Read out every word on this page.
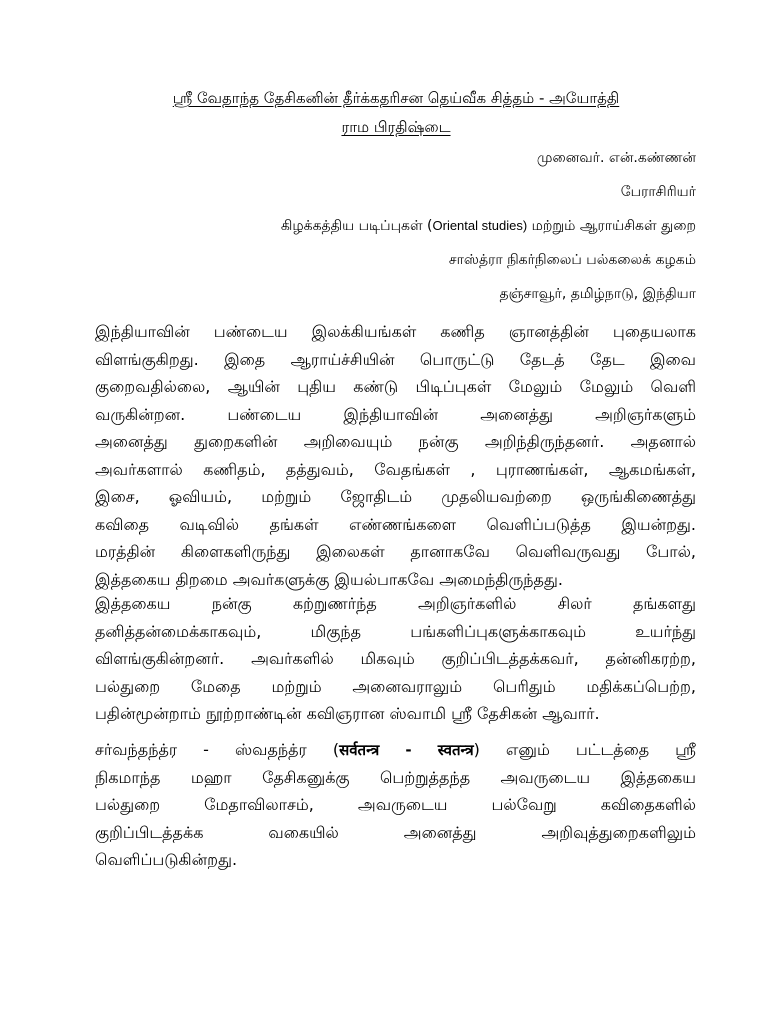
ஸ்ரீ வேதாந்த தேசிகனின் தீர்க்கதரிசன தெய்வீக சித்தம் - அயோத்தி
ராம பிரதிஷ்டை
முனைவர். என்.கண்ணன்
பேராசிரியர்
கிழக்கத்திய படிப்புகள் (Oriental studies) மற்றும் ஆராய்சிகள் துறை
சாஸ்த்ரா நிகர்நிலைப் பல்கலைக் கழகம்
தஞ்சாவூர், தமிழ்நாடு, இந்தியா
இந்தியாவின் பண்டைய இலக்கியங்கள் கணித ஞானத்தின் புதையலாக
விளங்குகிறது. இதை ஆராய்ச்சியின் பொருட்டு தேடத் தேட இவை
குறைவதில்லை, ஆயின் புதிய கண்டு பிடிப்புகள் மேலும் மேலும் வெளி
வருகின்றன. பண்டைய இந்தியாவின் அனைத்து அறிஞர்களும்
அனைத்து துறைகளின் அறிவையும் நன்கு அறிந்திருந்தனர். அதனால்
அவர்களால் கணிதம், தத்துவம், வேதங்கள் , புராணங்கள், ஆகமங்கள்,
இசை, ஓவியம், மற்றும் ஜோதிடம் முதலியவற்றை ஒருங்கிணைத்து
கவிதை வடிவில் தங்கள் எண்ணங்களை வெளிப்படுத்த இயன்றது.
மரத்தின் கிளைகளிருந்து இலைகள் தானாகவே வெளிவருவது போல்,
இத்தகைய திறமை அவர்களுக்கு இயல்பாகவே அமைந்திருந்தது.
இத்தகைய நன்கு கற்றுணர்ந்த அறிஞர்களில் சிலர் தங்களது
தனித்தன்மைக்காகவும், மிகுந்த பங்களிப்புகளுக்காகவும் உயர்ந்து
விளங்குகின்றனர். அவர்களில் மிகவும் குறிப்பிடத்தக்கவர், தன்னிகரற்ற,
பல்துறை மேதை மற்றும் அனைவராலும் பெரிதும் மதிக்கப்பெற்ற,
பதின்மூன்றாம் நூற்றாண்டின் கவிஞரான ஸ்வாமி ஸ்ரீ தேசிகன் ஆவார்.
சர்வந்தந்த்ர - ஸ்வதந்த்ர (सर्वतन्त्र - स्वतन्त्र) எனும் பட்டத்தை ஸ்ரீ
நிகமாந்த மஹா தேசிகனுக்கு பெற்றுத்தந்த அவருடைய இத்தகைய
பல்துறை மேதாவிலாசம், அவருடைய பல்வேறு கவிதைகளில்
குறிப்பிடத்தக்க வகையில் அனைத்து அறிவுத்துறைகளிலும்
வெளிப்படுகின்றது.
